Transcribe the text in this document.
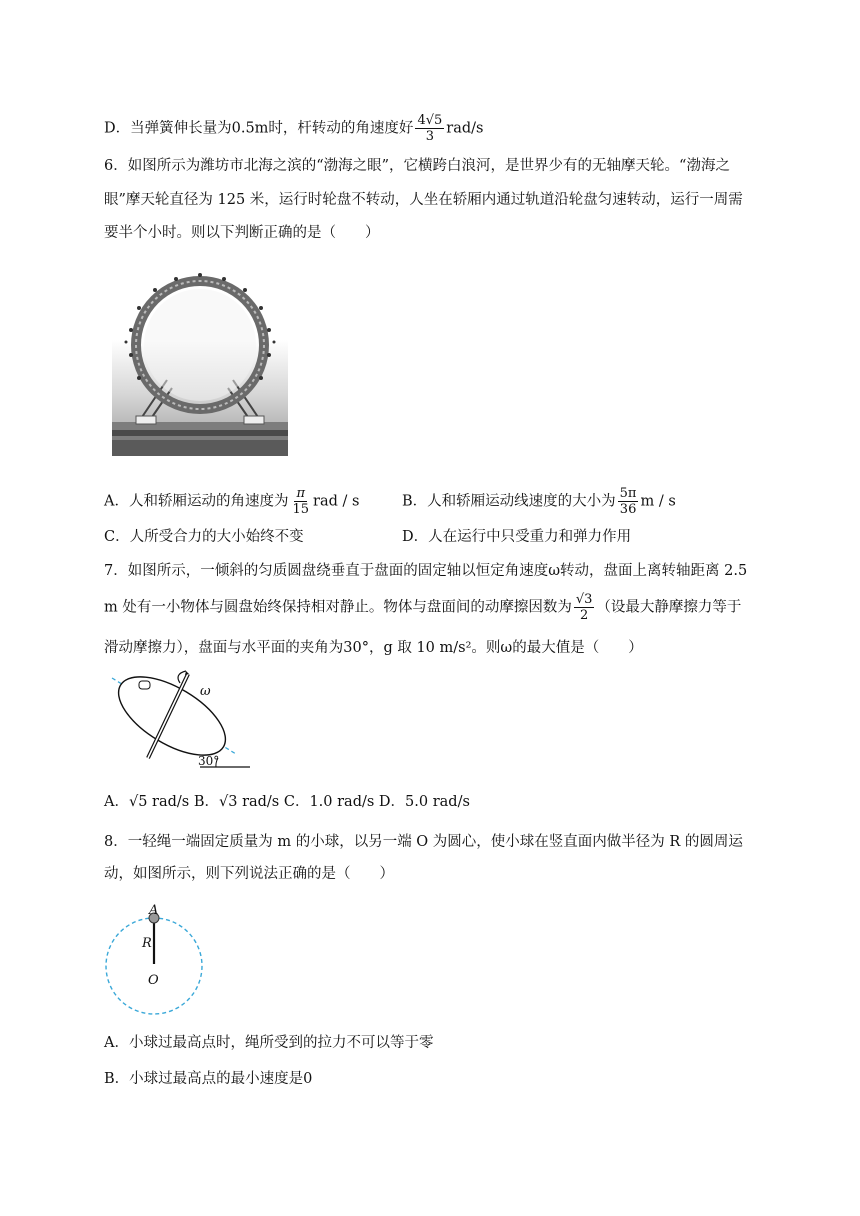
D．当弹簧伸长量为0.5m时，杆转动的角速度好 $\frac{4√5}{3} rad/s$
6．如图所示为潍坊市北海之滨的“渤海之眼”，它横跨白浪河，是世界少有的无轴摩天轮。“渤海之
眼”摩天轮直径为 125 米，运行时轮盘不转动，人坐在轿厢内通过轨道沿轮盘匀速转动，运行一周需
要半个小时。则以下判断正确的是（　　）
A．人和轿厢运动的角速度为 $\frac{\pi}{15}$ rad / s	B．人和轿厢运动线速度的大小为 $\frac{5\pi}{36}$ m / s
C．人所受合力的大小始终不变	D．人在运行中只受重力和弹力作用
7．如图所示，一倾斜的匀质圆盘绕垂直于盘面的固定轴以恒定角速度ω转动，盘面上离转轴距离 2.5
m 处有一小物体与圆盘始终保持相对静止。物体与盘面间的动摩擦因数为 $\frac{√3}{2}$ （设最大静摩擦力等于
滑动摩擦力），盘面与水平面的夹角为30°，g 取 10 m/s²。则ω的最大值是（　　）
ω
30°
A．√5 rad/s B．√3 rad/s C．1.0 rad/s D．5.0 rad/s
8．一轻绳一端固定质量为 m 的小球，以另一端 O 为圆心，使小球在竖直面内做半径为 R 的圆周运
动，如图所示，则下列说法正确的是（　　）
A
R
O
A．小球过最高点时，绳所受到的拉力不可以等于零
B．小球过最高点的最小速度是0
